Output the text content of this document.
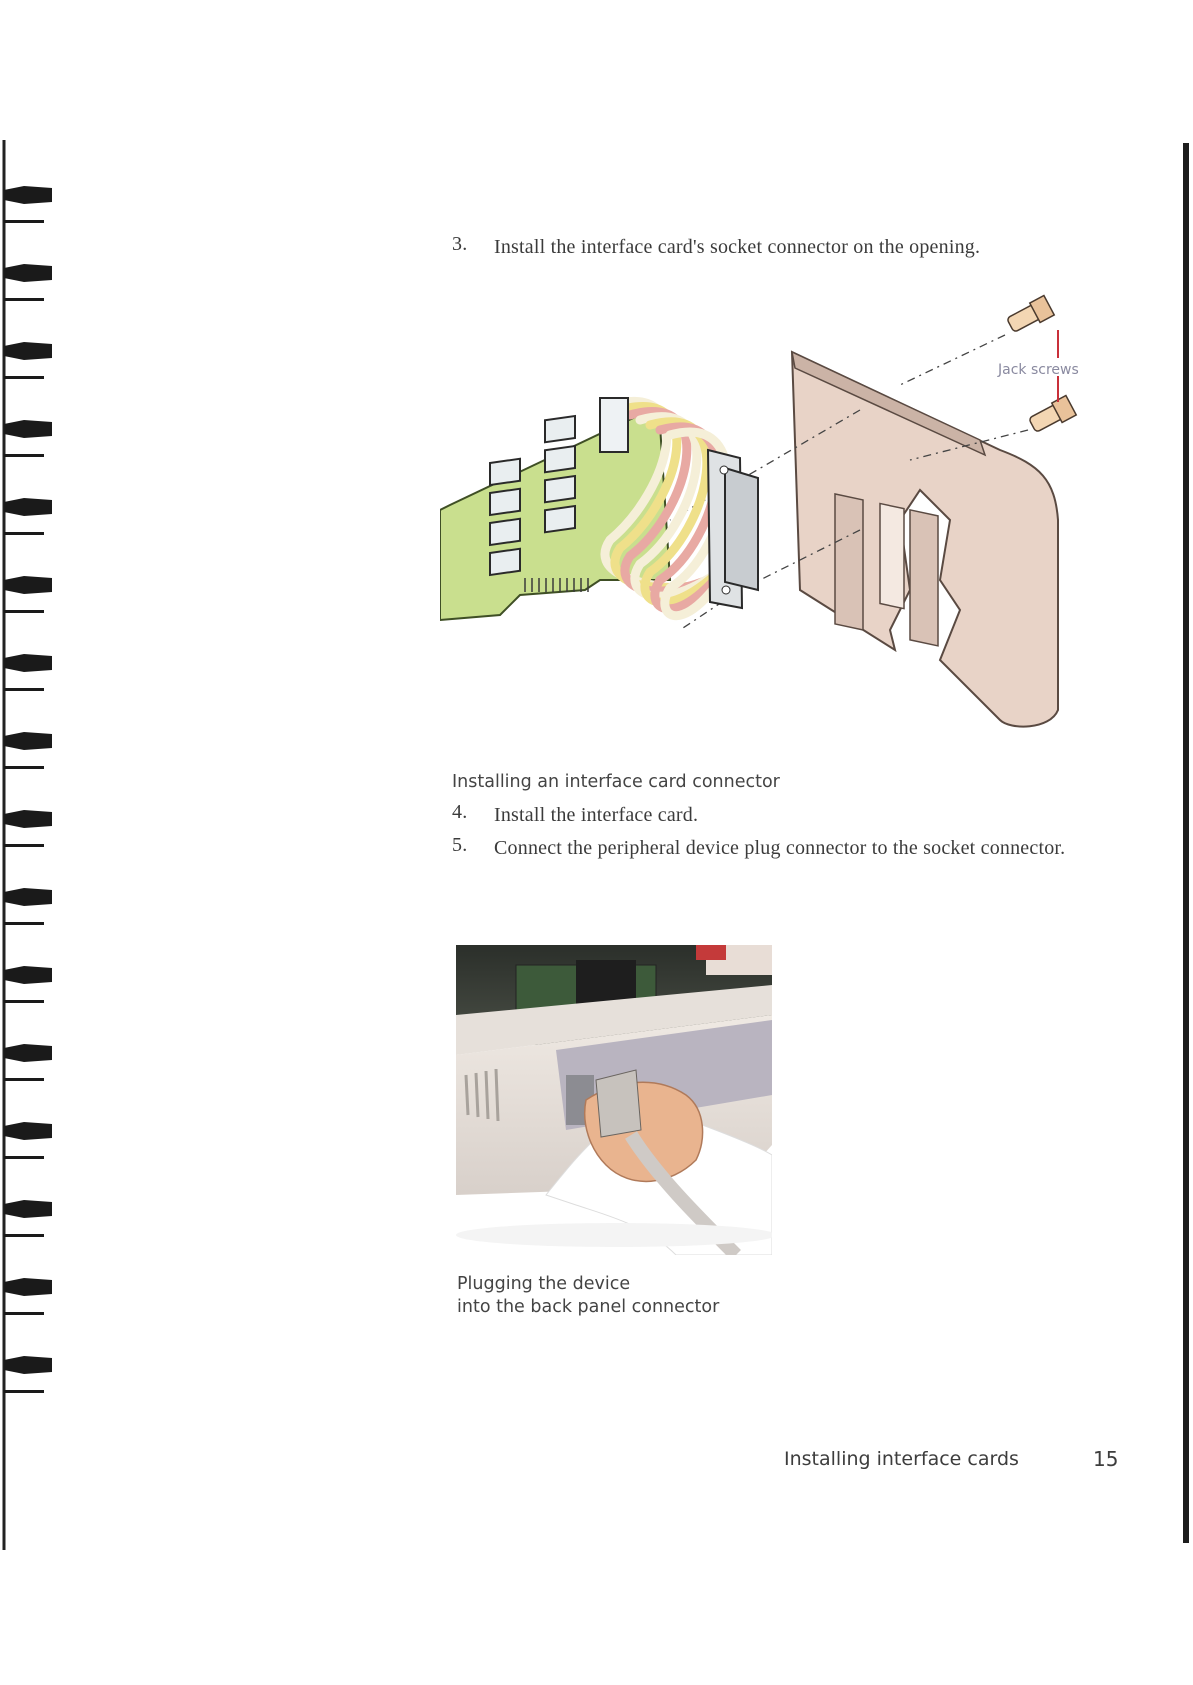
3. Install the interface card's socket connector on the opening.
Jack screws
Installing an interface card connector
4. Install the interface card.
5. Connect the peripheral device plug connector to the socket connector.
Plugging the device
into the back panel connector
Installing interface cards	15
